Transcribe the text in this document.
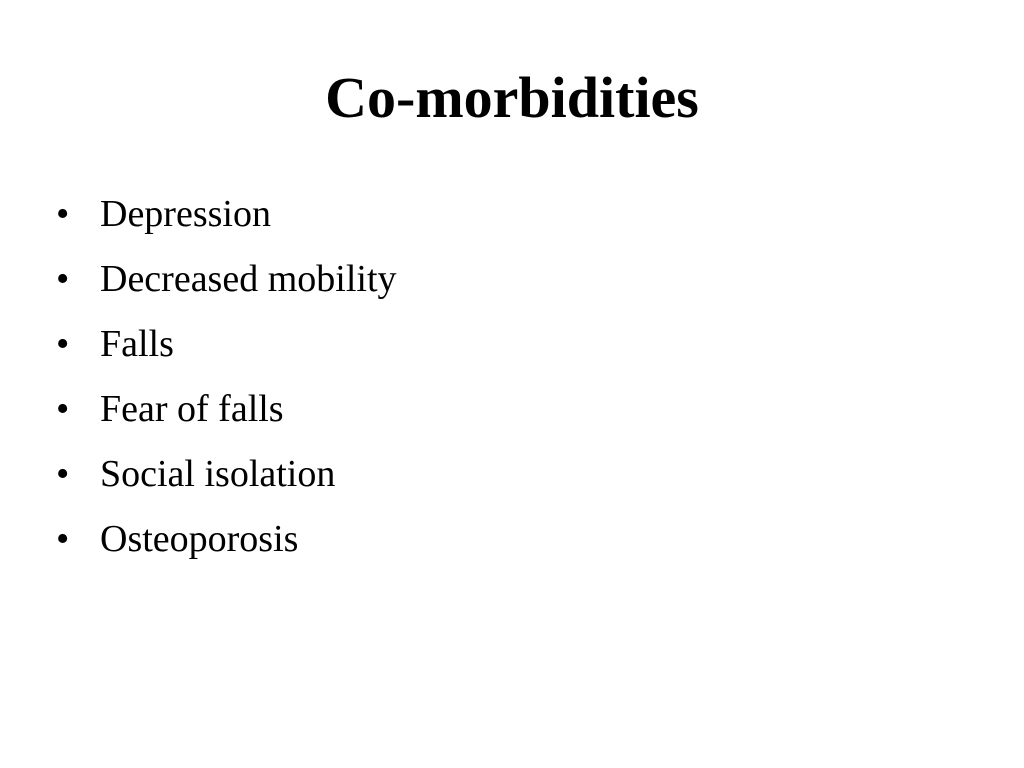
Co-morbidities
• Depression
• Decreased mobility
• Falls
• Fear of falls
• Social isolation
• Osteoporosis
